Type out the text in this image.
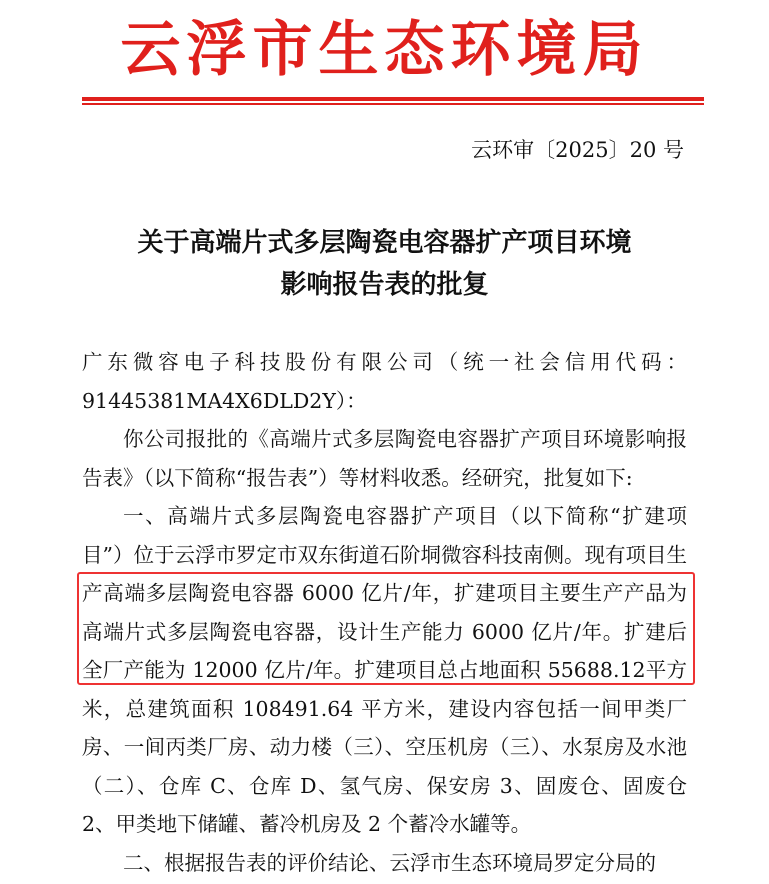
云浮市生态环境局
云环审〔2025〕20 号
关于高端片式多层陶瓷电容器扩产项目环境
影响报告表的批复

广东微容电子科技股份有限公司（统一社会信用代码：91445381MA4X6DLD2Y）：

你公司报批的《高端片式多层陶瓷电容器扩产项目环境影响报告表》（以下简称“报告表”）等材料收悉。经研究，批复如下:

一、高端片式多层陶瓷电容器扩产项目（以下简称“扩建项目”）位于云浮市罗定市双东街道石阶垌微容科技南侧。现有项目生产高端多层陶瓷电容器 6000 亿片/年，扩建项目主要生产产品为高端片式多层陶瓷电容器，设计生产能力 6000 亿片/年。扩建后全厂产能为 12000 亿片/年。扩建项目总占地面积 55688.12平方米，总建筑面积 108491.64 平方米，建设内容包括一间甲类厂房、一间丙类厂房、动力楼（三）、空压机房（三）、水泵房及水池（二）、仓库 C、仓库 D、氢气房、保安房 3、固废仓、固废仓 2、甲类地下储罐、蓄冷机房及 2 个蓄冷水罐等。

二、根据报告表的评价结论、云浮市生态环境局罗定分局的
